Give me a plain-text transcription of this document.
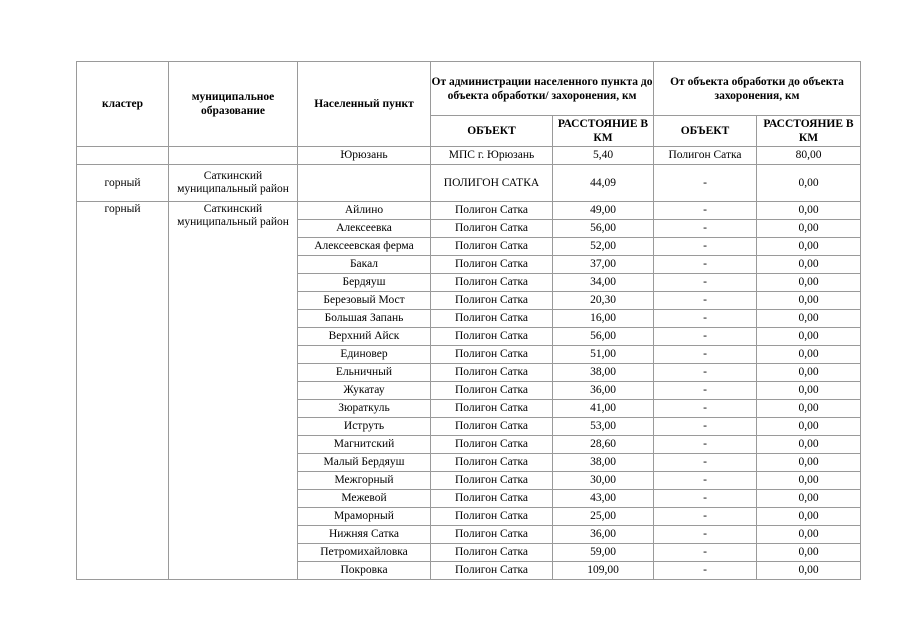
кластер	муниципальное образование	Населенный пункт	От администрации населенного пункта до объекта обработки/ захоронения, км		От объекта обработки до объекта захоронения, км	
			ОБЪЕКТ	РАССТОЯНИЕ В КМ	ОБЪЕКТ	РАССТОЯНИЕ В КМ
		Юрюзань	МПС г. Юрюзань	5,40	Полигон Сатка	80,00
горный	Саткинский муниципальный район		ПОЛИГОН САТКА	44,09	-	0,00
горный	Саткинский муниципальный район	Айлино	Полигон Сатка	49,00	-	0,00
		Алексеевка	Полигон Сатка	56,00	-	0,00
		Алексеевская ферма	Полигон Сатка	52,00	-	0,00
		Бакал	Полигон Сатка	37,00	-	0,00
		Бердяуш	Полигон Сатка	34,00	-	0,00
		Березовый Мост	Полигон Сатка	20,30	-	0,00
		Большая Запань	Полигон Сатка	16,00	-	0,00
		Верхний Айск	Полигон Сатка	56,00	-	0,00
		Единовер	Полигон Сатка	51,00	-	0,00
		Ельничный	Полигон Сатка	38,00	-	0,00
		Жукатау	Полигон Сатка	36,00	-	0,00
		Зюраткуль	Полигон Сатка	41,00	-	0,00
		Иструть	Полигон Сатка	53,00	-	0,00
		Магнитский	Полигон Сатка	28,60	-	0,00
		Малый Бердяуш	Полигон Сатка	38,00	-	0,00
		Межгорный	Полигон Сатка	30,00	-	0,00
		Межевой	Полигон Сатка	43,00	-	0,00
		Мраморный	Полигон Сатка	25,00	-	0,00
		Нижняя Сатка	Полигон Сатка	36,00	-	0,00
		Петромихайловка	Полигон Сатка	59,00	-	0,00
		Покровка	Полигон Сатка	109,00	-	0,00
